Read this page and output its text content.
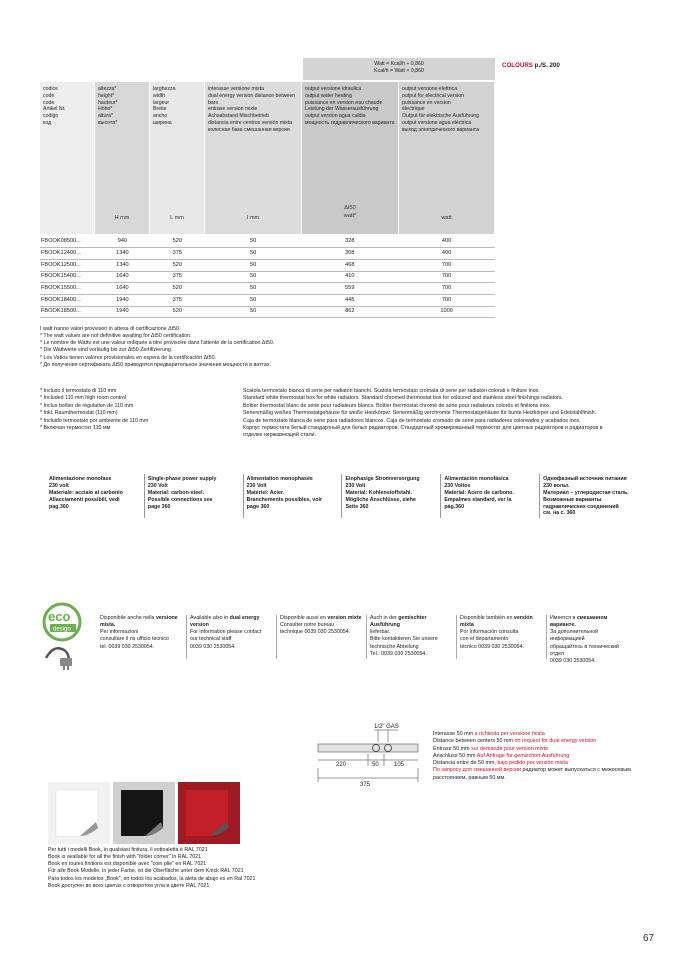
Watt = Kcal/h ÷ 0,860
Kcal/h = Watt × 0,860
COLOURS p./S. 200
codice
code
code
Artikel Nr.
codigo
код
altezza*
height*
hauteur*
Höhe*
altura*
высота*
H mm
larghezza
width
largeur
Breite
ancho
ширина
L mm
interasse versione mista
dual energy version distance between bars
entraxe version mixte
Achsabstand Mischbetrieb
distancia entre centros versión mixta
колесная база смешанная версия
I mm
output versione idraulica
output water heating
puissance en version eau chaude
Leistung der Wasserausführung
output version agua caldia
мощность гидравлического варианта
Δt50
watt*
output versione elettrica
output for electrical version
puissance en version
électrique
Output für elektrische Ausführung
output versione agua eléctrica
выход электрического варианта
watt
FBOOK08500...	940	520	50	328	400
FBOOK12400...	1340	375	50	308	400
FBOOK12500...	1340	520	50	468	700
FBOOK15400...	1640	375	50	410	700
FBOOK15500...	1640	520	50	559	700
FBOOK18400...	1940	375	50	445	700
FBOOK18500...	1940	520	50	862	1000
I watt hanno valori provvisori in attesa di certificazione Δt50.
* The watt values are not definitive awaiting for Δt50 certification.
* Le nombre de Watts est une valeur indiquée à titre provisoire dans l'attente de la certification Δt50.
* Die Wattwerte sind vorläufig bis zur Δt50 Zertifizierung.
* Los Vatios tienen valores provisionales en espera de la certificación Δt50.
* До получения сертификата Δt50 приводятся предварительное значения мощности в ваттах.
* Incluso il termostato di 110 mm
* Included 110 mm high room control
* Inclus boîtier de régulation de 110 mm
* Inkl. Raumthermostat (110 mm)
* Incluido termostato por ambiente de 110 mm
* Включая термостат 110 мм
Scatola termostato bianca di serie per radiatori bianchi. Scatola termostato cromata di serie per radiatori colorati e finiture inox.
Standard white thermostat box for white radiators. Standard chromed thermostat box for coloured and stainless steel finishings radiators.
Boîtier thermostat blanc de série pour radiateurs blancs. Boîtier thermostat chromé de série pour radiateurs colorés et finitions inox.
Serienmäßig weißes Thermostatgehäuse für weiße Heizkörper. Serienmäßig verchromte Thermostatgehäuse für bunte Heizkörper und Edelstahlfinish.
Caja de termostato blanca de serie para radiadores blancos. Caja de termostato cromado de serie para radiadores coloreados y acabados inox.
Корпус термостата белый стандартный для белых радиаторов. Стандартный хромированный термостат для цветных радиаторов и радиаторов в отделке нержавеющей стали.
Alimentazione monofase
230 volt
Materiale: acciaio al carbonio
Allacciamenti possibili, vedi
pag.360
Single-phase power supply
230 Volt
Material: carbon-steel.
Possible connections see
page 360
Alimentation monophasée
230 Volt
Matériel: Acier.
Branchements possibles, voir
page 360
Einphasige Stromversorgung
230 Volt
Material: Kohlenstoffstahl.
Mögliche Anschlüsse, siehe
Seite 360
Alimentación monofásica
230 Voltos
Material: Acero de carbono.
Empalmes standard, ver la
pág.360
Однофазный источник питания
230 вольт.
Материал – углеродистая сталь.
Возможные варианты
гидравлических соединений
см. на с. 360
eco
design
Disponibile anche nella versione mista.
Per informazioni
consultare il ns ufficio tecnico
tel. 0039 030 2530054.
Available also in dual energy version
For information please contact
our technical staff
0039 030 2530054.
Disponible aussi en version mixte
Consulter notre bureau
technique 0039 030 2530054.
Auch in der gemischter Ausführung
lieferbar.
Bitte kontaktieren Sie unsere
technische Abteilung
Tel.: 0039 030 2530054.
Disponible también en versión mixta
Por información consulta
con el departamento
técnico 0039 030 2530054.
Имеется в смешанном варианте.
За дополнительной информацией
обращайтесь в технический отдел
0039 030 2530054.
1/2" GAS
220	50	105
375
Interasse 50 mm a richiesta per versione mista
Distance between centers 50 mm on request for dual energy version
Entraxe 50 mm sur demande pour version mixte
Anschluss 50 mm Auf Anfrage für gemischter Ausführung
Distancia entre de 50 mm, bajo pedido por versión mixta
По запросу для смешанной версии радиатор может выпускаться с межосевым расстоянием, равным 50 мм.
Per tutti i modelli Book, in qualsiasi finitura, il sottoaletta è RAL 7021
Book is available for all the finish with "folder corner" in RAL 7021
Book en toutes finitions est disponible avec "coin plie" en RAL 7021
Für alle Book Modelle, in jeder Farbe, ist die Oberfläche unter dem Knick RAL 7021
Para todos los modelos „Book", en todos los acabados, la aleta de abajo es en Ral 7021
Book доступен во всех цветах с отворотом угла в цвете RAL 7021
67
